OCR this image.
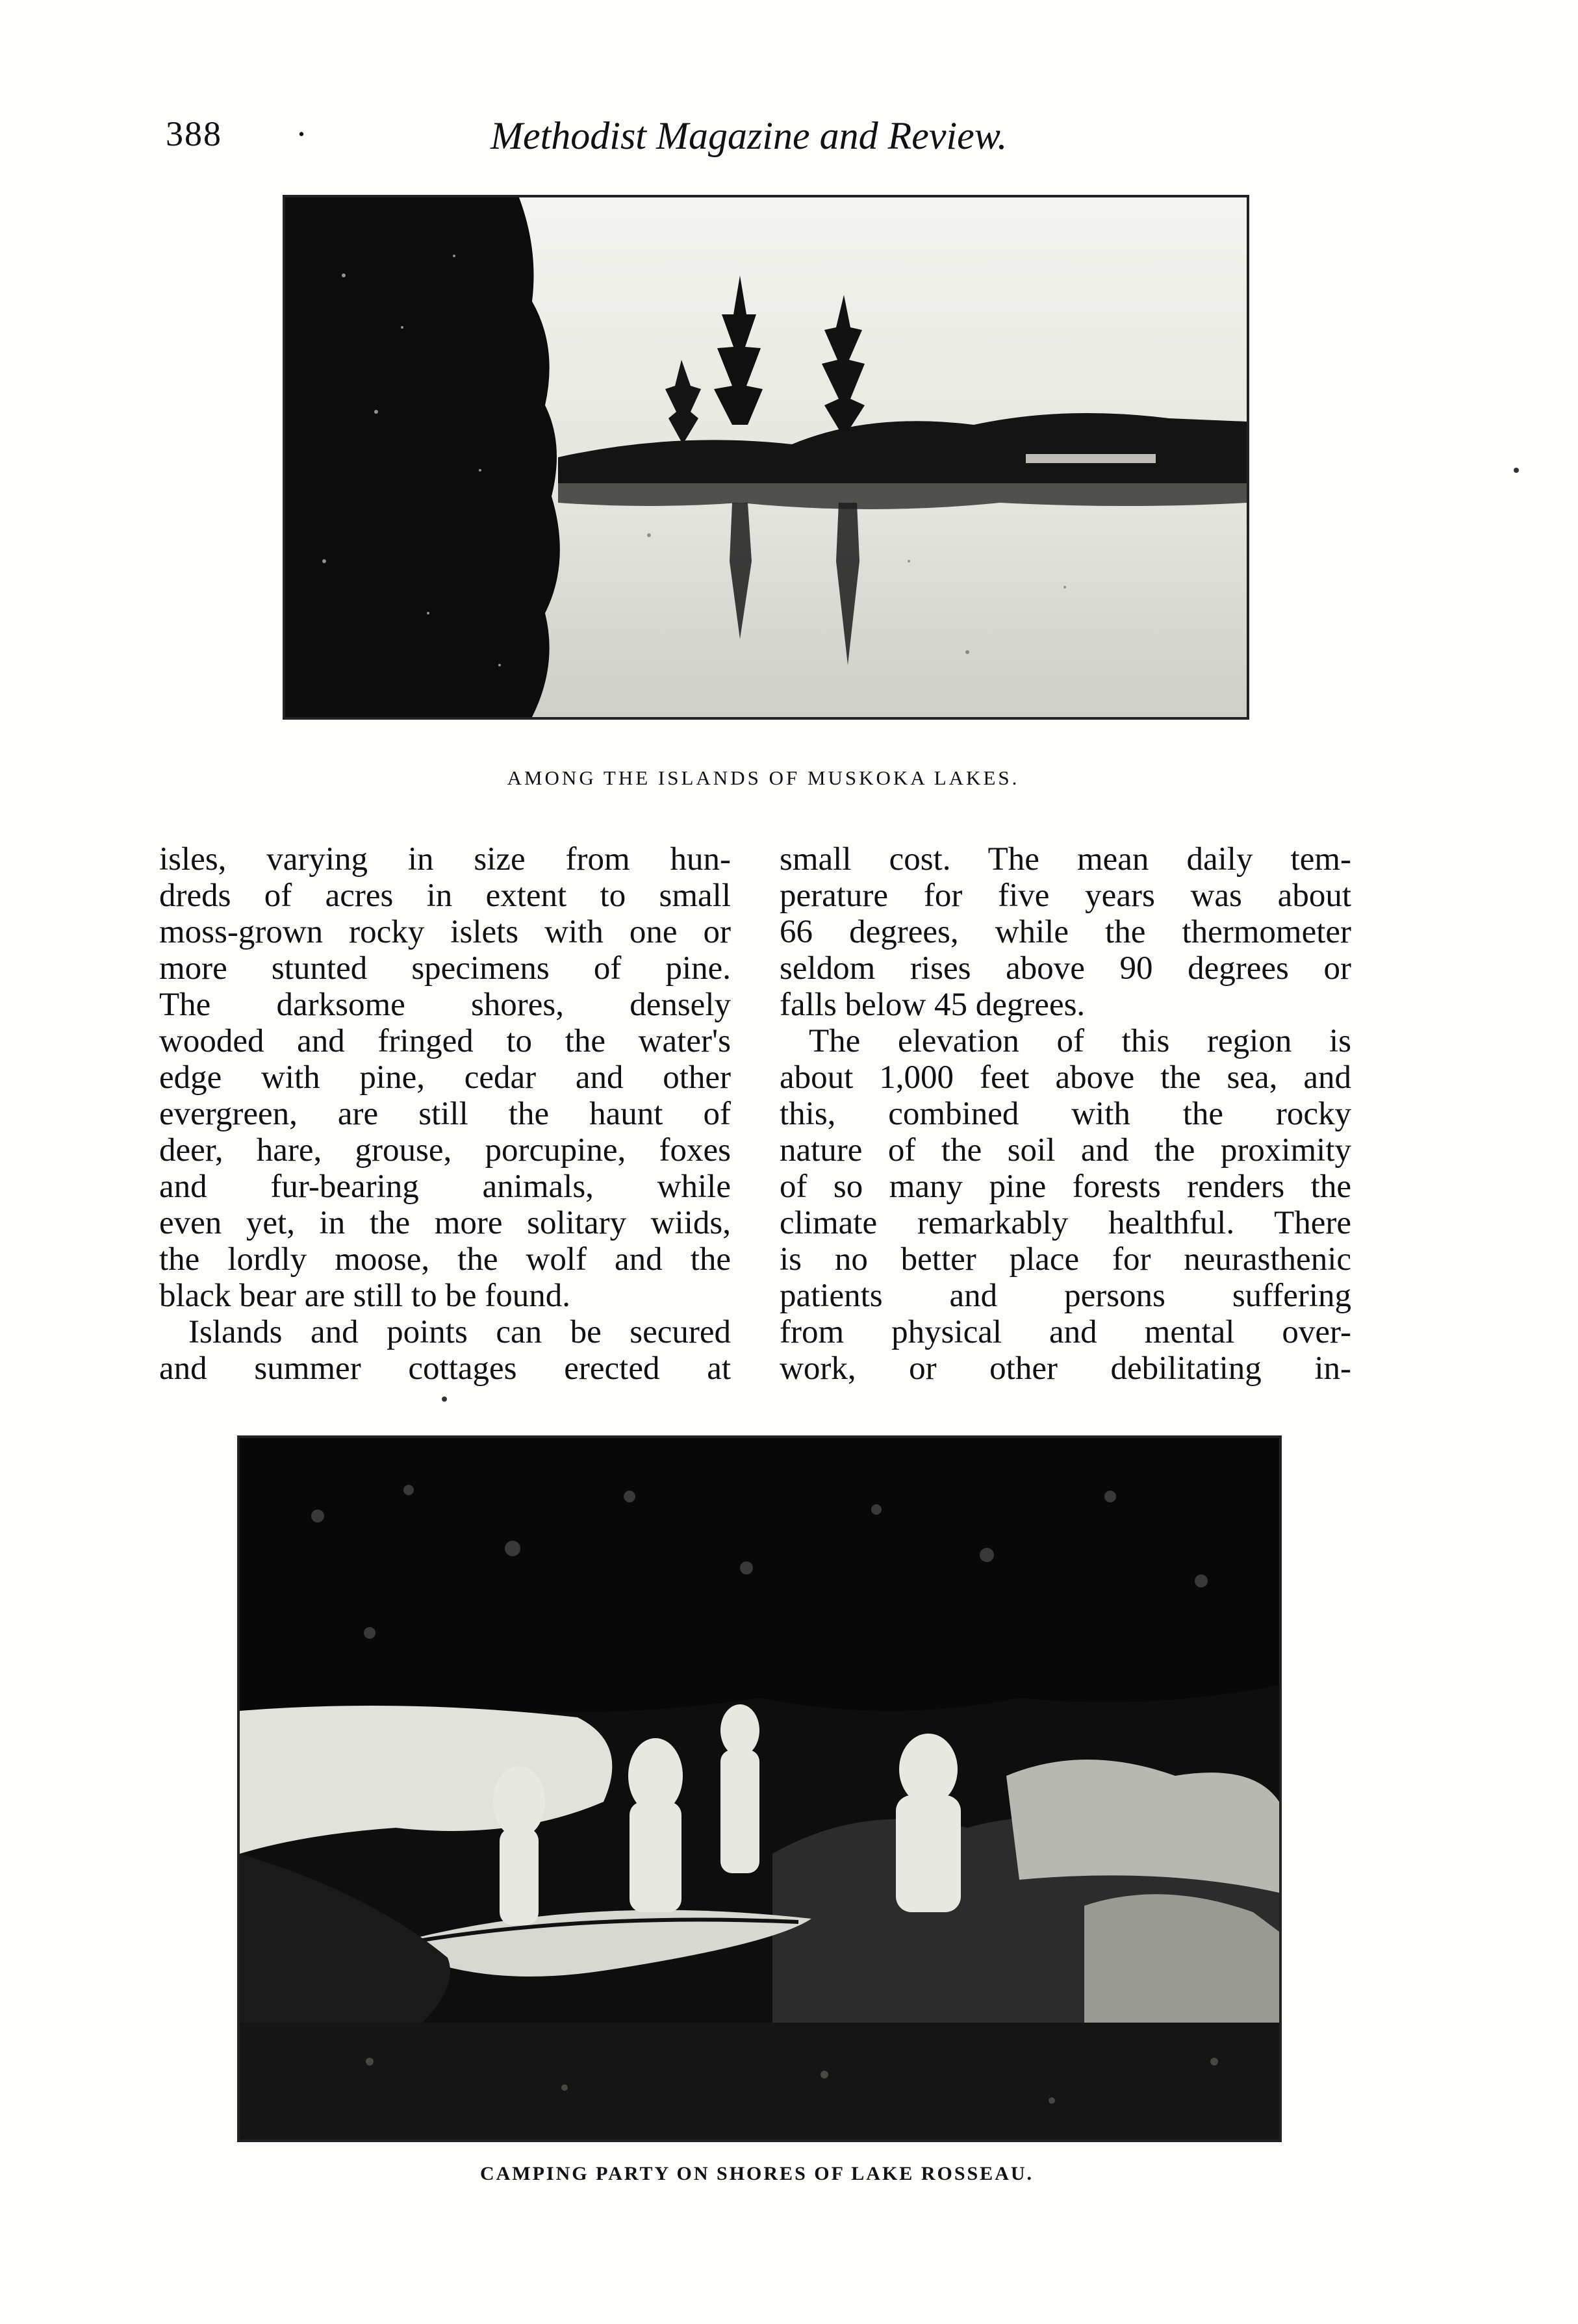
388 ·	Methodist Magazine and Review.
AMONG THE ISLANDS OF MUSKOKA LAKES.

isles, varying in size from hun-
dreds of acres in extent to small
moss-grown rocky islets with one or
more stunted specimens of pine.
The darksome shores, densely
wooded and fringed to the water's
edge with pine, cedar and other
evergreen, are still the haunt of
deer, hare, grouse, porcupine, foxes
and fur-bearing animals, while
even yet, in the more solitary wiids,
the lordly moose, the wolf and the
black bear are still to be found.

Islands and points can be secured
and summer cottages erected at

small cost. The mean daily tem-
perature for five years was about
66 degrees, while the thermometer
seldom rises above 90 degrees or
falls below 45 degrees.

The elevation of this region is
about 1,000 feet above the sea, and
this, combined with the rocky
nature of the soil and the proximity
of so many pine forests renders the
climate remarkably healthful. There
is no better place for neurasthenic
patients and persons suffering
from physical and mental over-
work, or other debilitating in-

CAMPING PARTY ON SHORES OF LAKE ROSSEAU.
